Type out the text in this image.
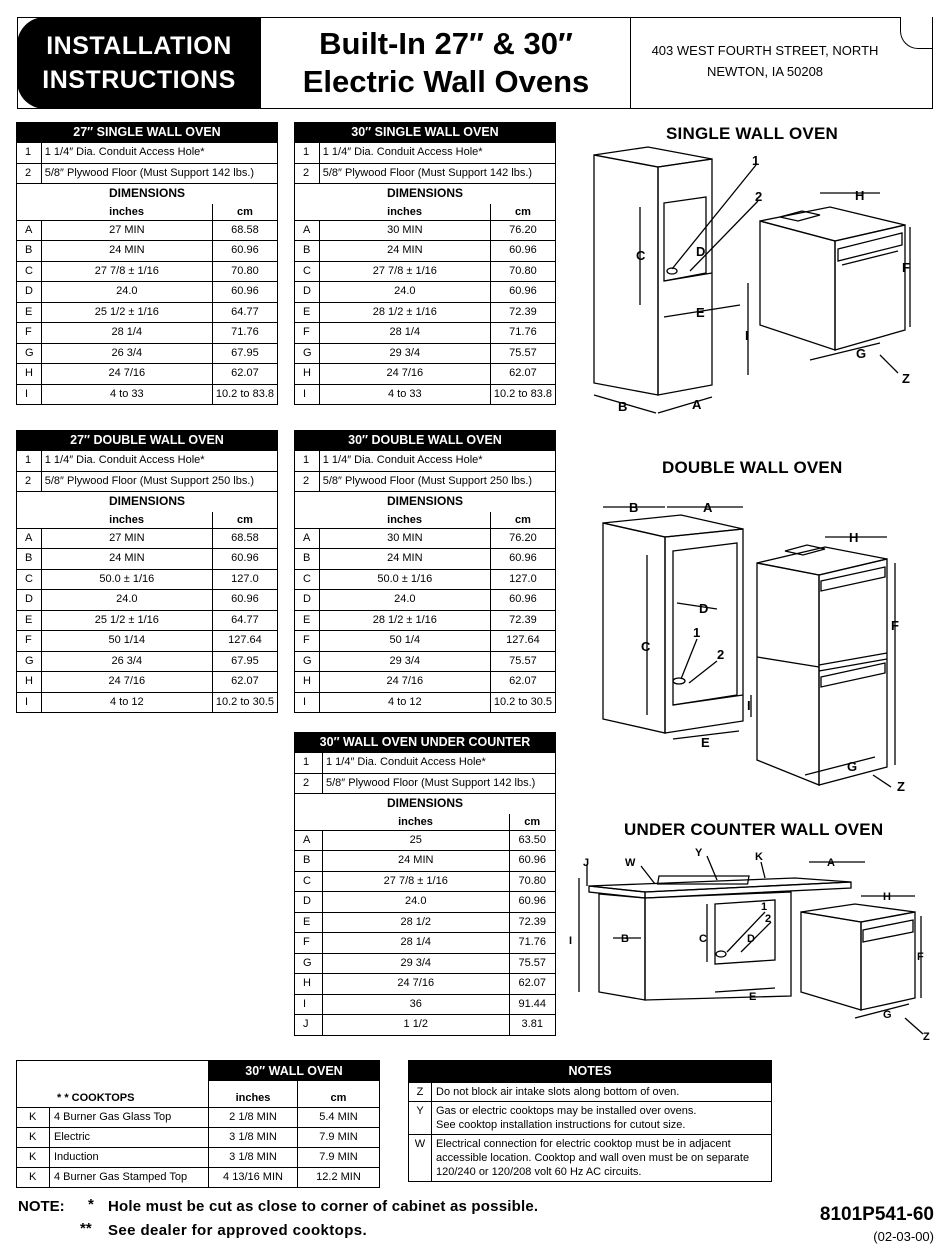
INSTALLATION
INSTRUCTIONS
Built-In 27″ & 30″
Electric Wall Ovens
403 WEST FOURTH STREET, NORTH
NEWTON, IA 50208
27″ SINGLE WALL OVEN		
1	1 1/4″ Dia. Conduit Access Hole*	
2	5/8″ Plywood Floor (Must Support 142 lbs.)	
DIMENSIONS		
	inches	cm
A	27 MIN	68.58
B	24 MIN	60.96
C	27 7/8 ± 1/16	70.80
D	24.0	60.96
E	25 1/2 ± 1/16	64.77
F	28 1/4	71.76
G	26 3/4	67.95
H	24 7/16	62.07
I	4 to 33	10.2 to 83.8
30″ SINGLE WALL OVEN		
1	1 1/4″ Dia. Conduit Access Hole*	
2	5/8″ Plywood Floor (Must Support 142 lbs.)	
DIMENSIONS		
	inches	cm
A	30 MIN	76.20
B	24 MIN	60.96
C	27 7/8 ± 1/16	70.80
D	24.0	60.96
E	28 1/2 ± 1/16	72.39
F	28 1/4	71.76
G	29 3/4	75.57
H	24 7/16	62.07
I	4 to 33	10.2 to 83.8
27″ DOUBLE WALL OVEN		
1	1 1/4″ Dia. Conduit Access Hole*	
2	5/8″ Plywood Floor (Must Support 250 lbs.)	
DIMENSIONS		
	inches	cm
A	27 MIN	68.58
B	24 MIN	60.96
C	50.0 ± 1/16	127.0
D	24.0	60.96
E	25 1/2 ± 1/16	64.77
F	50 1/14	127.64
G	26 3/4	67.95
H	24 7/16	62.07
I	4 to 12	10.2 to 30.5
30″ DOUBLE WALL OVEN		
1	1 1/4″ Dia. Conduit Access Hole*	
2	5/8″ Plywood Floor (Must Support 250 lbs.)	
DIMENSIONS		
	inches	cm
A	30 MIN	76.20
B	24 MIN	60.96
C	50.0 ± 1/16	127.0
D	24.0	60.96
E	28 1/2 ± 1/16	72.39
F	50 1/4	127.64
G	29 3/4	75.57
H	24 7/16	62.07
I	4 to 12	10.2 to 30.5
30″ WALL OVEN UNDER COUNTER		
1	1 1/4″ Dia. Conduit Access Hole*	
2	5/8″ Plywood Floor (Must Support 142 lbs.)	
DIMENSIONS		
	inches	cm
A	25	63.50
B	24 MIN	60.96
C	27 7/8 ± 1/16	70.80
D	24.0	60.96
E	28 1/2	72.39
F	28 1/4	71.76
G	29 3/4	75.57
H	24 7/16	62.07
I	36	91.44
J	1 1/2	3.81
SINGLE WALL OVEN
DOUBLE WALL OVEN
UNDER COUNTER WALL OVEN
1
2
C	D
E
I
H
F
G
Z
B	A
B	A
C
D
1
2
E
I
H
F
G
Z
J	W
Y	K	A
H
I	B	C	D
1
2
E
F
G
Z
		30″ WALL OVEN	
* * COOKTOPS		inches	cm
K	4 Burner Gas Glass Top	2 1/8 MIN	5.4 MIN
K	Electric	3 1/8 MIN	7.9 MIN
K	Induction	3 1/8 MIN	7.9 MIN
K	4 Burner Gas Stamped Top	4 13/16 MIN	12.2 MIN
NOTES	
Z	Do not block air intake slots along bottom of oven.

Y	Gas or electric cooktops may be installed over ovens.
See cooktop installation instructions for cutout size.

W	Electrical connection for electric cooktop must be in adjacent
accessible location. Cooktop and wall oven must be on separate
120/240 or 120/208 volt 60 Hz AC circuits.
NOTE: * Hole must be cut as close to corner of cabinet as possible.
** See dealer for approved cooktops.
8101P541-60
(02-03-00)
